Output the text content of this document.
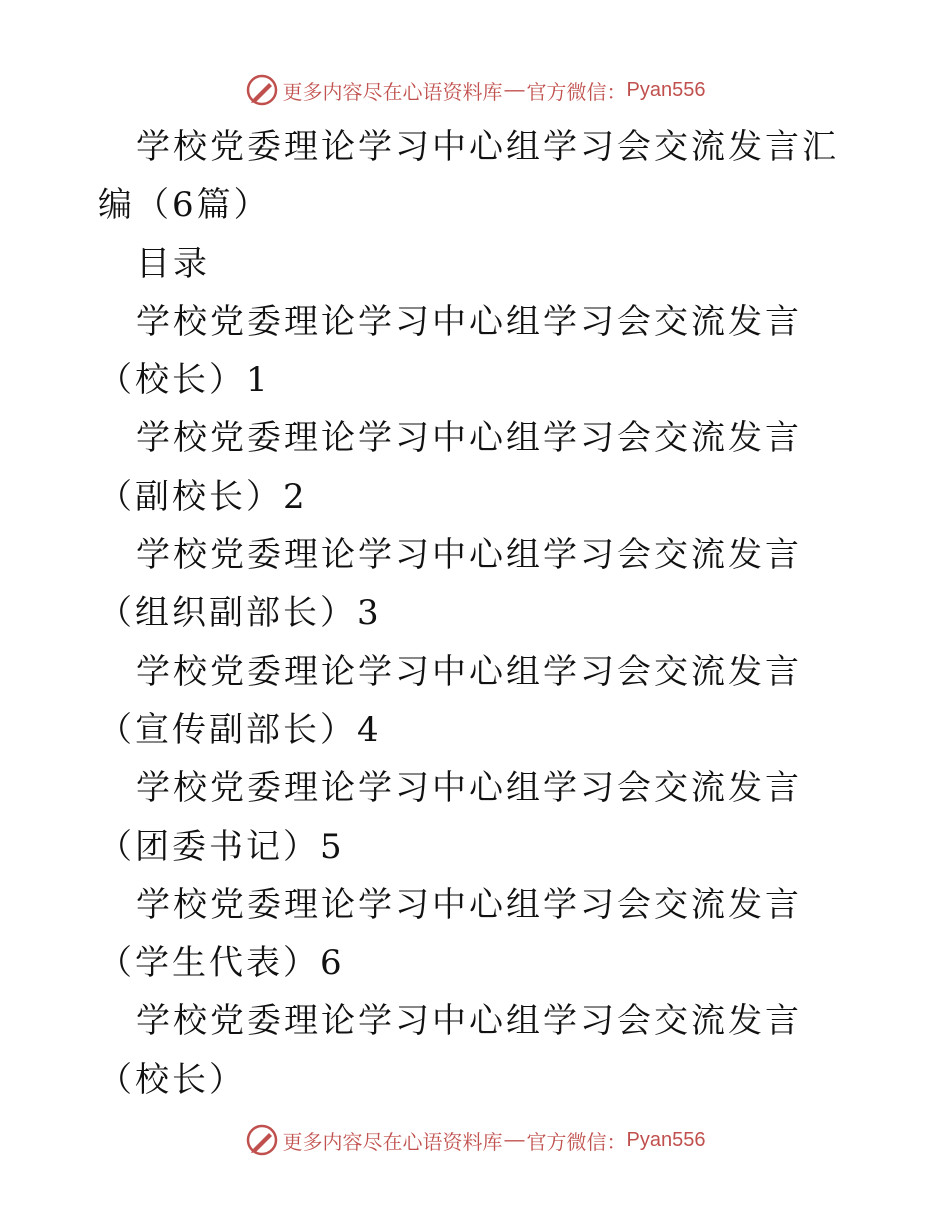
更多内容尽在心语资料库 — 官方微信： Pyan556

学校党委理论学习中心组学习会交流发言汇编（6篇）

目录

学校党委理论学习中心组学习会交流发言（校长）1

学校党委理论学习中心组学习会交流发言（副校长）2

学校党委理论学习中心组学习会交流发言（组织副部长）3

学校党委理论学习中心组学习会交流发言（宣传副部长）4

学校党委理论学习中心组学习会交流发言（团委书记）5

学校党委理论学习中心组学习会交流发言（学生代表）6

学校党委理论学习中心组学习会交流发言（校长）

更多内容尽在心语资料库 — 官方微信： Pyan556
